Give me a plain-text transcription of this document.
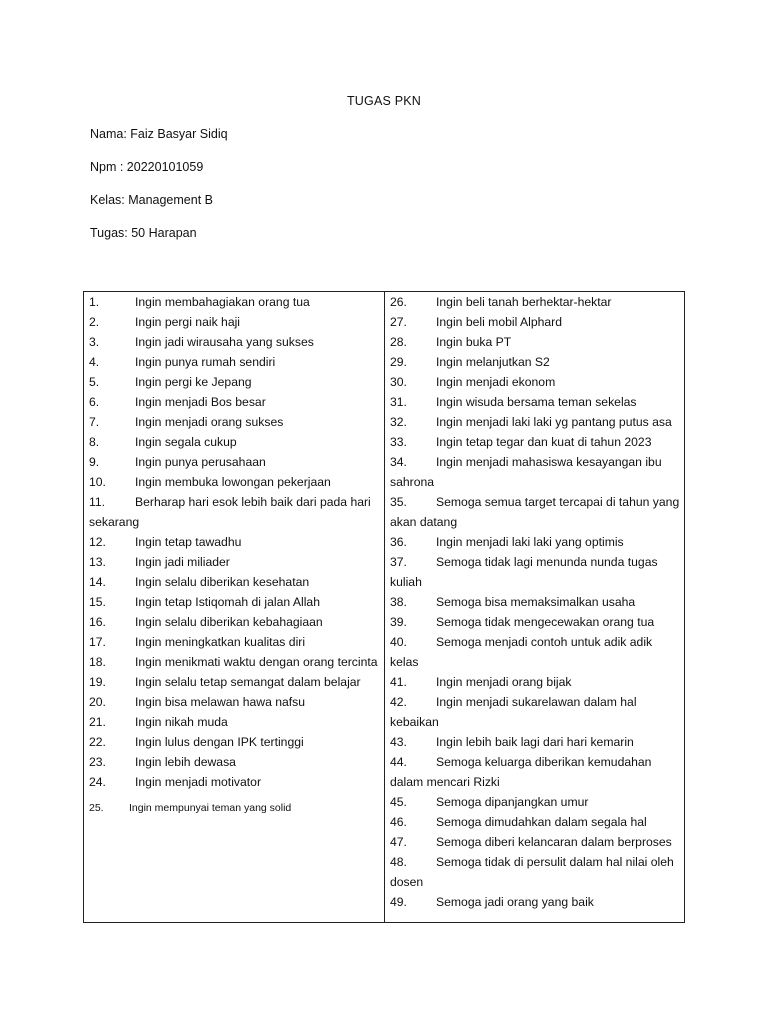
TUGAS PKN
Nama: Faiz Basyar Sidiq
Npm : 20220101059
Kelas: Management B
Tugas: 50 Harapan
1.	Ingin membahagiakan orang tua
2.	Ingin pergi naik haji
3.	Ingin jadi wirausaha yang sukses
4.	Ingin punya rumah sendiri
5.	Ingin pergi ke Jepang
6.	Ingin menjadi Bos besar
7.	Ingin menjadi orang sukses
8.	Ingin segala cukup
9.	Ingin punya perusahaan
10. Ingin membuka lowongan pekerjaan
11. Berharap hari esok lebih baik dari pada hari sekarang
12. Ingin tetap tawadhu
13. Ingin jadi miliader
14. Ingin selalu diberikan kesehatan
15. Ingin tetap Istiqomah di jalan Allah
16. Ingin selalu diberikan kebahagiaan
17. Ingin meningkatkan kualitas diri
18. Ingin menikmati waktu dengan orang tercinta
19. Ingin selalu tetap semangat dalam belajar
20. Ingin bisa melawan hawa nafsu
21. Ingin nikah muda
22. Ingin lulus dengan IPK tertinggi
23. Ingin lebih dewasa
24. Ingin menjadi motivator
25. Ingin mempunyai teman yang solid
26. Ingin beli tanah berhektar-hektar
27. Ingin beli mobil Alphard
28. Ingin buka PT
29. Ingin melanjutkan S2
30. Ingin menjadi ekonom
31. Ingin wisuda bersama teman sekelas
32. Ingin menjadi laki laki yg pantang putus asa
33. Ingin tetap tegar dan kuat di tahun 2023
34. Ingin menjadi mahasiswa kesayangan ibu sahrona
35. Semoga semua target tercapai di tahun yang akan datang
36. Ingin menjadi laki laki yang optimis
37. Semoga tidak lagi menunda nunda tugas kuliah
38. Semoga bisa memaksimalkan usaha
39. Semoga tidak mengecewakan orang tua
40. Semoga menjadi contoh untuk adik adik kelas
41. Ingin menjadi orang bijak
42. Ingin menjadi sukarelawan dalam hal kebaikan
43. Ingin lebih baik lagi dari hari kemarin
44. Semoga keluarga diberikan kemudahan dalam mencari Rizki
45. Semoga dipanjangkan umur
46. Semoga dimudahkan dalam segala hal
47. Semoga diberi kelancaran dalam berproses
48. Semoga tidak di persulit dalam hal nilai oleh dosen
49. Semoga jadi orang yang baik
